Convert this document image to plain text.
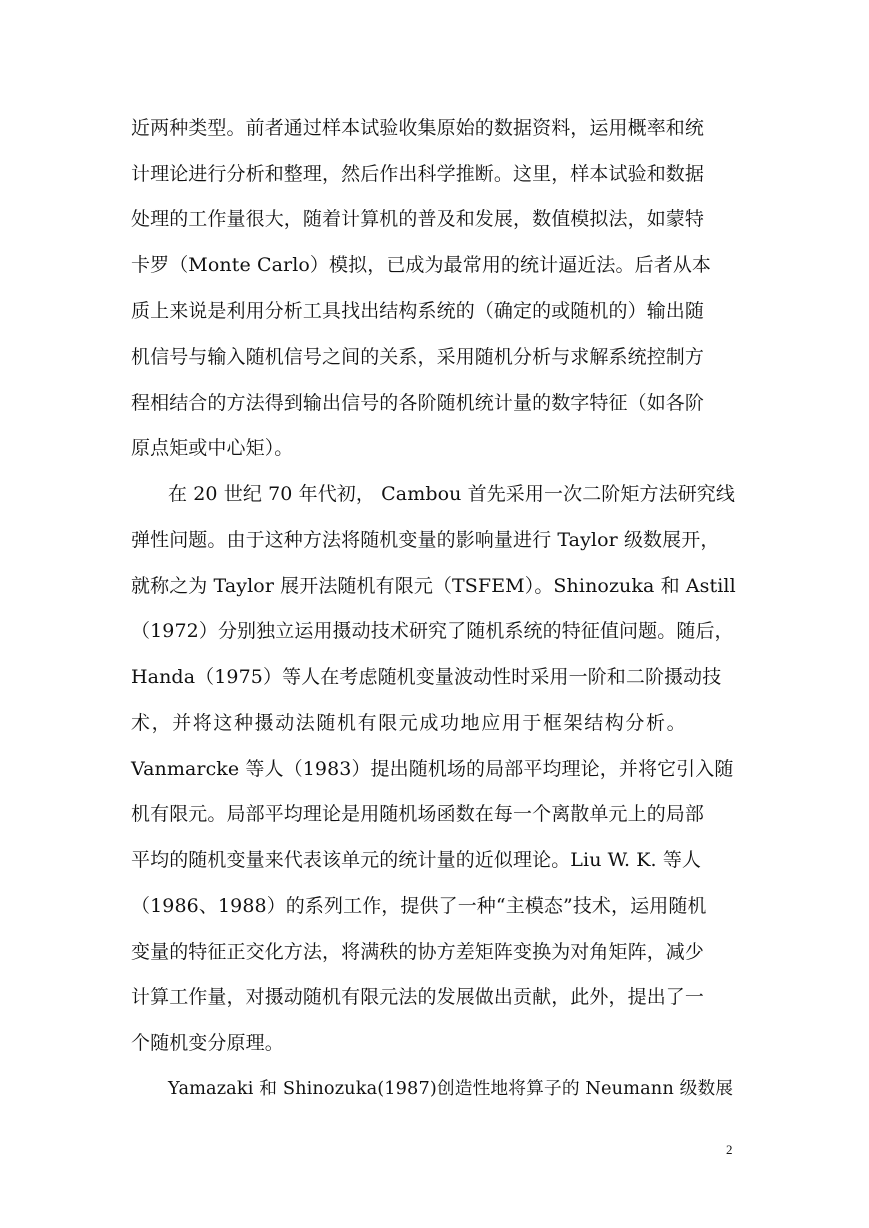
近两种类型。前者通过样本试验收集原始的数据资料，运用概率和统
计理论进行分析和整理，然后作出科学推断。这里，样本试验和数据
处理的工作量很大，随着计算机的普及和发展，数值模拟法，如蒙特
卡罗（Monte Carlo）模拟，已成为最常用的统计逼近法。后者从本
质上来说是利用分析工具找出结构系统的（确定的或随机的）输出随
机信号与输入随机信号之间的关系，采用随机分析与求解系统控制方
程相结合的方法得到输出信号的各阶随机统计量的数字特征（如各阶
原点矩或中心矩）。
在 20 世纪 70 年代初， Cambou 首先采用一次二阶矩方法研究线
弹性问题。由于这种方法将随机变量的影响量进行 Taylor 级数展开，
就称之为 Taylor 展开法随机有限元（TSFEM）。Shinozuka 和 Astill
（1972）分别独立运用摄动技术研究了随机系统的特征值问题。随后，
Handa（1975）等人在考虑随机变量波动性时采用一阶和二阶摄动技
术，并将这种摄动法随机有限元成功地应用于框架结构分析。
Vanmarcke 等人（1983）提出随机场的局部平均理论，并将它引入随
机有限元。局部平均理论是用随机场函数在每一个离散单元上的局部
平均的随机变量来代表该单元的统计量的近似理论。Liu W. K. 等人
（1986、1988）的系列工作，提供了一种“主模态”技术，运用随机
变量的特征正交化方法，将满秩的协方差矩阵变换为对角矩阵，减少
计算工作量，对摄动随机有限元法的发展做出贡献，此外，提出了一
个随机变分原理。
Yamazaki 和 Shinozuka(1987)创造性地将算子的 Neumann 级数展
2
